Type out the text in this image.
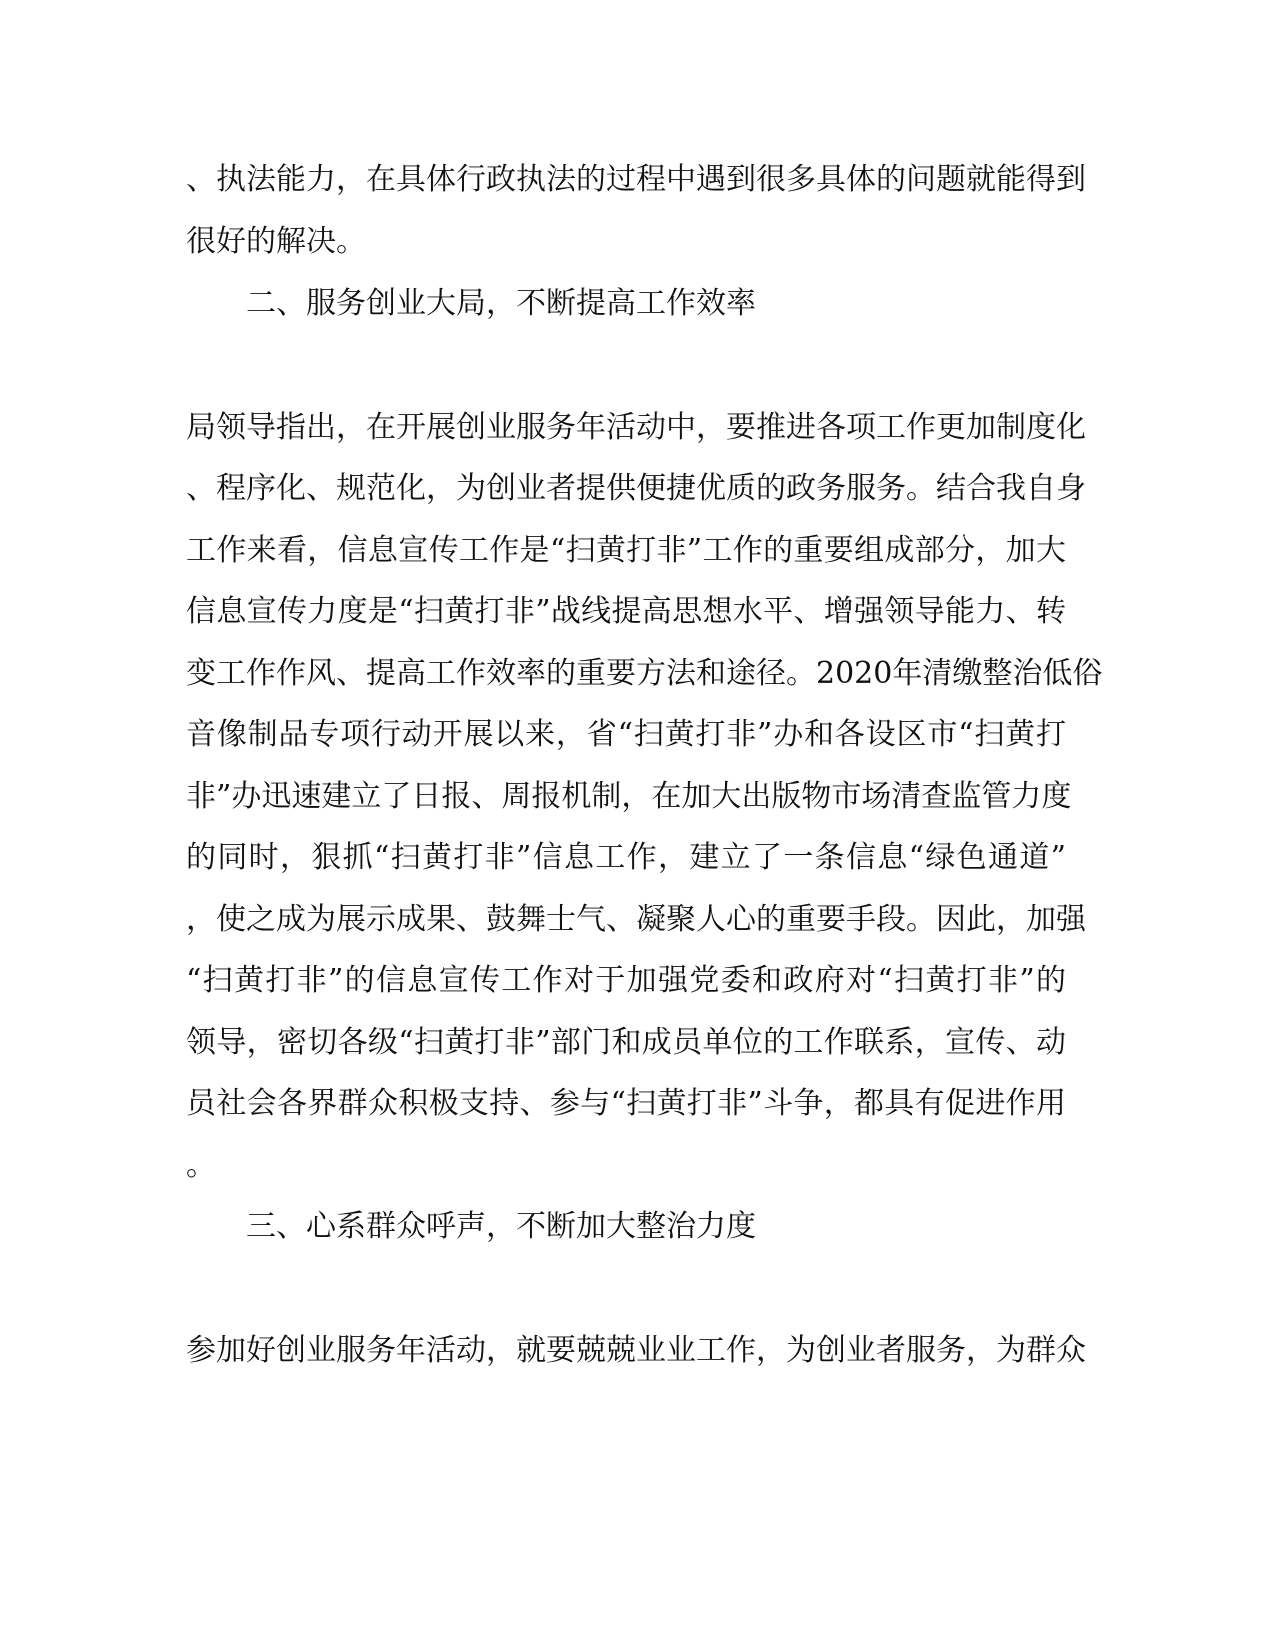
、执法能力，在具体行政执法的过程中遇到很多具体的问题就能得到
很好的解决。
二、服务创业大局，不断提高工作效率
局领导指出，在开展创业服务年活动中，要推进各项工作更加制度化
、程序化、规范化，为创业者提供便捷优质的政务服务。结合我自身
工作来看，信息宣传工作是“扫黄打非”工作的重要组成部分，加大
信息宣传力度是“扫黄打非”战线提高思想水平、增强领导能力、转
变工作作风、提高工作效率的重要方法和途径。2020年清缴整治低俗
音像制品专项行动开展以来，省“扫黄打非”办和各设区市“扫黄打
非”办迅速建立了日报、周报机制，在加大出版物市场清查监管力度
的同时，狠抓“扫黄打非”信息工作，建立了一条信息“绿色通道”
，使之成为展示成果、鼓舞士气、凝聚人心的重要手段。因此，加强
“扫黄打非”的信息宣传工作对于加强党委和政府对“扫黄打非”的
领导，密切各级“扫黄打非”部门和成员单位的工作联系，宣传、动
员社会各界群众积极支持、参与“扫黄打非”斗争，都具有促进作用
。
三、心系群众呼声，不断加大整治力度
参加好创业服务年活动，就要兢兢业业工作，为创业者服务，为群众
